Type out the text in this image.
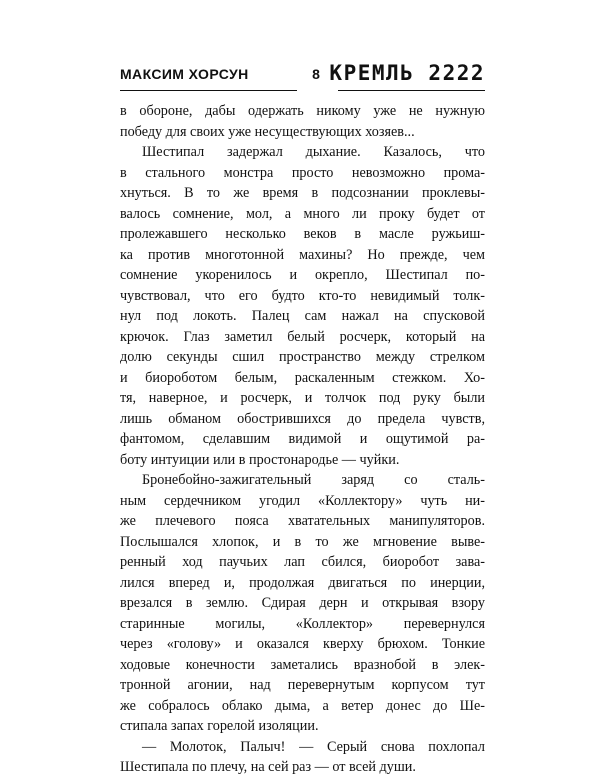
МАКСИМ ХОРСУН	8 КРЕМЛЬ 2222
в обороне, дабы одержать никому уже не нужную
победу для своих уже несуществующих хозяев...
Шестипал задержал дыхание. Казалось, что
в стального монстра просто невозможно прома-
хнуться. В то же время в подсознании проклевы-
валось сомнение, мол, а много ли проку будет от
пролежавшего несколько веков в масле ружьиш-
ка против многотонной махины? Но прежде, чем
сомнение укоренилось и окрепло, Шестипал по-
чувствовал, что его будто кто-то невидимый толк-
нул под локоть. Палец сам нажал на спусковой
крючок. Глаз заметил белый росчерк, который на
долю секунды сшил пространство между стрелком
и биороботом белым, раскаленным стежком. Хо-
тя, наверное, и росчерк, и толчок под руку были
лишь обманом обострившихся до предела чувств,
фантомом, сделавшим видимой и ощутимой ра-
боту интуиции или в простонародье — чуйки.
Бронебойно-зажигательный заряд со сталь-
ным сердечником угодил «Коллектору» чуть ни-
же плечевого пояса хватательных манипуляторов.
Послышался хлопок, и в то же мгновение выве-
ренный ход паучьих лап сбился, биоробот зава-
лился вперед и, продолжая двигаться по инерции,
врезался в землю. Сдирая дерн и открывая взору
старинные могилы, «Коллектор» перевернулся
через «голову» и оказался кверху брюхом. Тонкие
ходовые конечности заметались вразнобой в элек-
тронной агонии, над перевернутым корпусом тут
же собралось облако дыма, а ветер донес до Ше-
стипала запах горелой изоляции.
— Молоток, Палыч! — Серый снова похлопал
Шестипала по плечу, на сей раз — от всей души.
